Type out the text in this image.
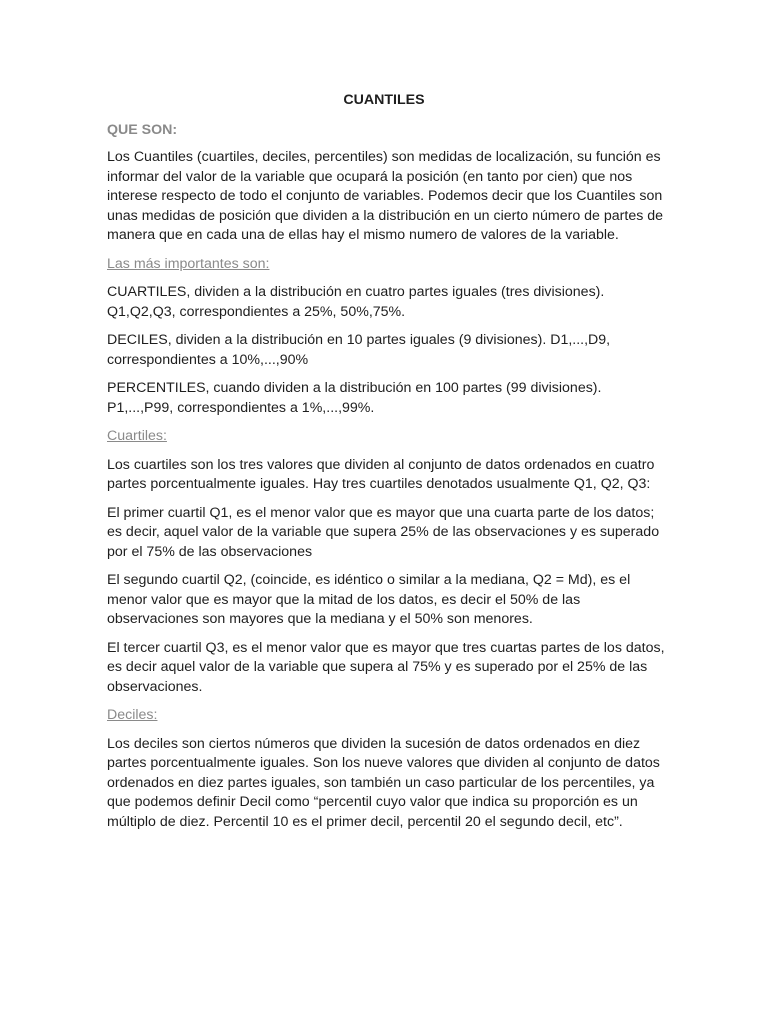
CUANTILES
QUE SON:

Los Cuantiles (cuartiles, deciles, percentiles) son medidas de localización, su función es informar del valor de la variable que ocupará la posición (en tanto por cien) que nos interese respecto de todo el conjunto de variables. Podemos decir que los Cuantiles son unas medidas de posición que dividen a la distribución en un cierto número de partes de manera que en cada una de ellas hay el mismo numero de valores de la variable.

Las más importantes son:

CUARTILES, dividen a la distribución en cuatro partes iguales (tres divisiones). Q1,Q2,Q3, correspondientes a 25%, 50%,75%.

DECILES, dividen a la distribución en 10 partes iguales (9 divisiones). D1,...,D9, correspondientes a 10%,...,90%

PERCENTILES, cuando dividen a la distribución en 100 partes (99 divisiones). P1,...,P99, correspondientes a 1%,...,99%.

Cuartiles:

Los cuartiles son los tres valores que dividen al conjunto de datos ordenados en cuatro partes porcentualmente iguales. Hay tres cuartiles denotados usualmente Q1, Q2, Q3:

El primer cuartil Q1, es el menor valor que es mayor que una cuarta parte de los datos; es decir, aquel valor de la variable que supera 25% de las observaciones y es superado por el 75% de las observaciones

El segundo cuartil Q2, (coincide, es idéntico o similar a la mediana, Q2 = Md), es el menor valor que es mayor que la mitad de los datos, es decir el 50% de las observaciones son mayores que la mediana y el 50% son menores.

El tercer cuartil Q3, es el menor valor que es mayor que tres cuartas partes de los datos, es decir aquel valor de la variable que supera al 75% y es superado por el 25% de las observaciones.

Deciles:

Los deciles son ciertos números que dividen la sucesión de datos ordenados en diez partes porcentualmente iguales. Son los nueve valores que dividen al conjunto de datos ordenados en diez partes iguales, son también un caso particular de los percentiles, ya que podemos definir Decil como “percentil cuyo valor que indica su proporción es un múltiplo de diez. Percentil 10 es el primer decil, percentil 20 el segundo decil, etc”.
